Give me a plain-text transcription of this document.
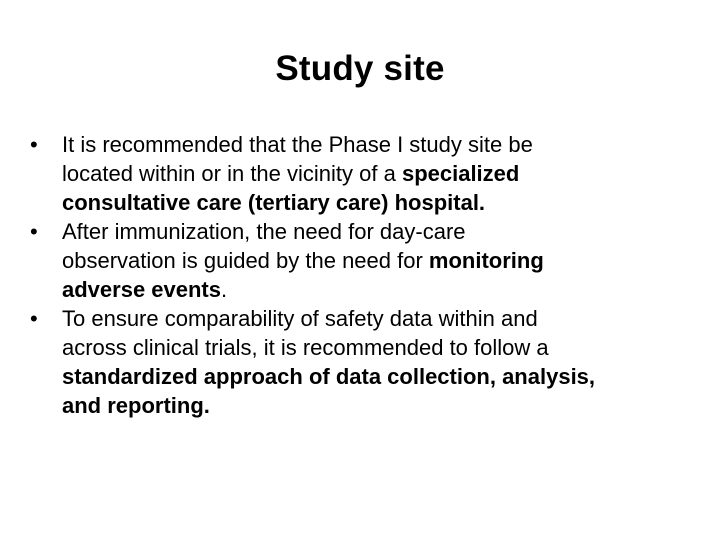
Study site
•	It is recommended that the Phase I study site be
located within or in the vicinity of a specialized
consultative care (tertiary care) hospital.
•	After immunization, the need for day-care
observation is guided by the need for monitoring
adverse events.
•	To ensure comparability of safety data within and
across clinical trials, it is recommended to follow a
standardized approach of data collection, analysis,
and reporting.
